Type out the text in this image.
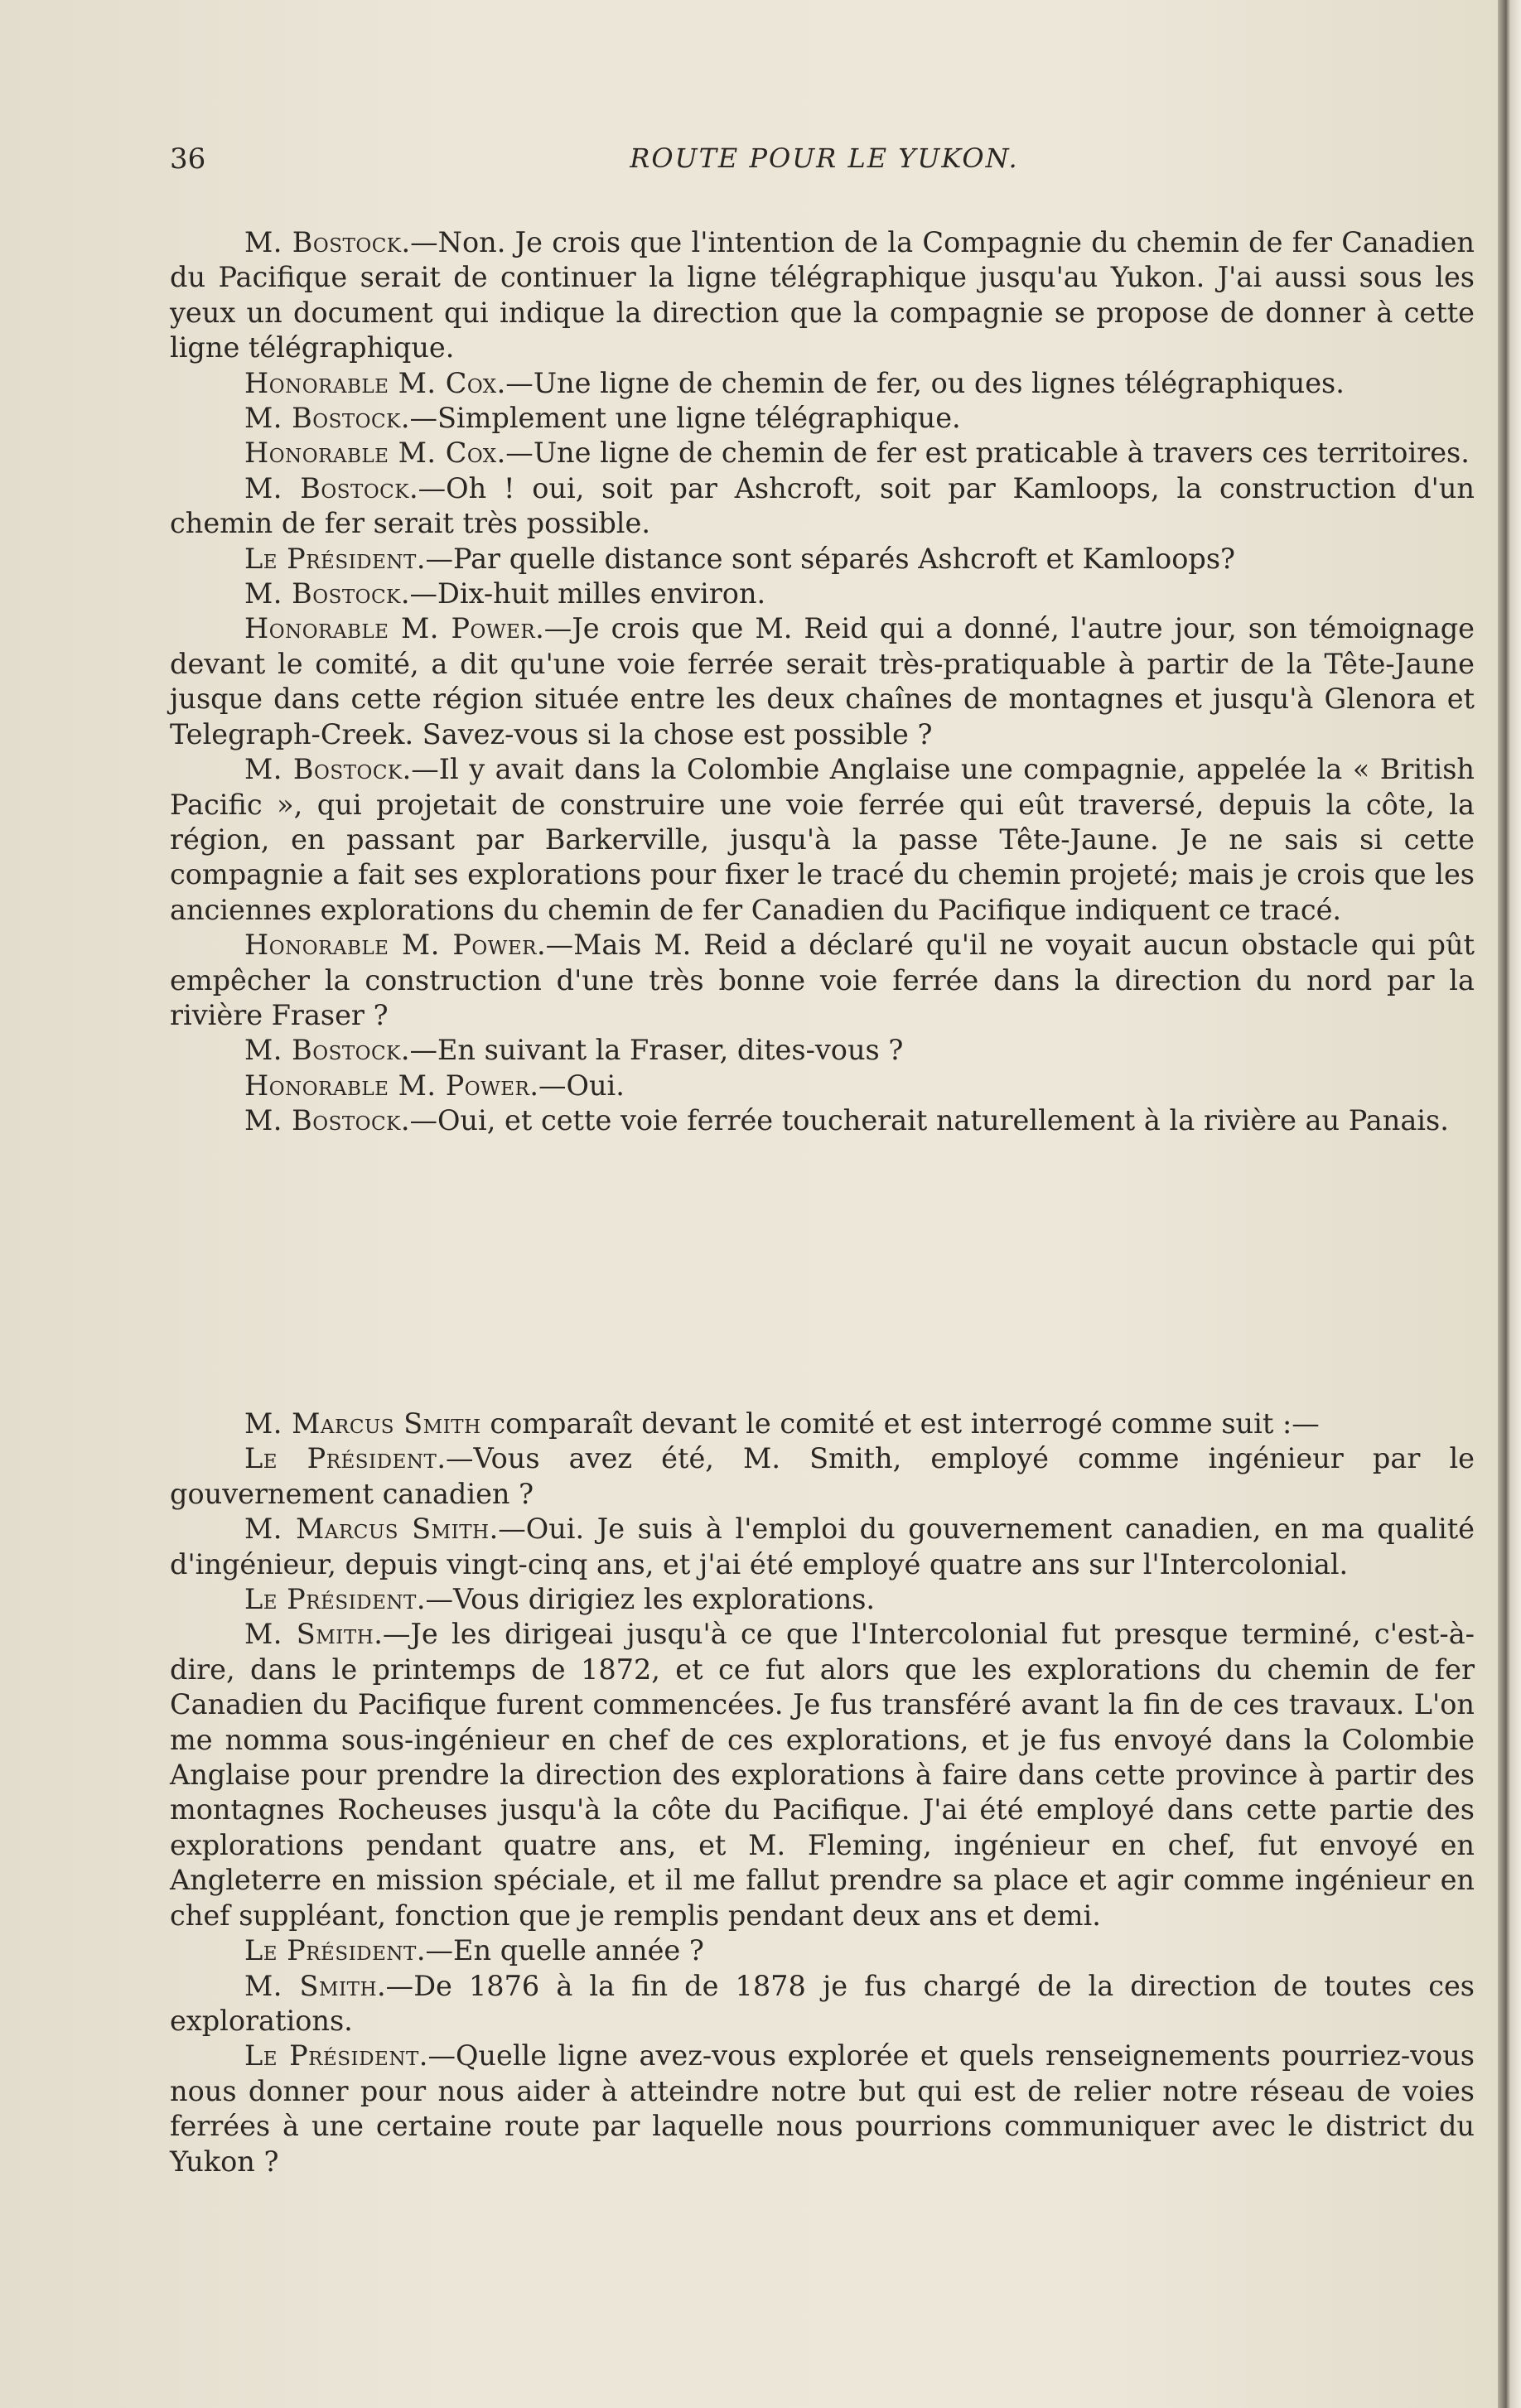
36	ROUTE POUR LE YUKON.

M. Bostock.—Non. Je crois que l'intention de la Compagnie du chemin de fer Canadien du Pacifique serait de continuer la ligne télégraphique jusqu'au Yukon. J'ai aussi sous les yeux un document qui indique la direction que la compagnie se propose de donner à cette ligne télégraphique.

Honorable M. Cox.—Une ligne de chemin de fer, ou des lignes télégraphiques.

M. Bostock.—Simplement une ligne télégraphique.

Honorable M. Cox.—Une ligne de chemin de fer est praticable à travers ces territoires.

M. Bostock.—Oh ! oui, soit par Ashcroft, soit par Kamloops, la construction d'un chemin de fer serait très possible.

Le Président.—Par quelle distance sont séparés Ashcroft et Kamloops?

M. Bostock.—Dix-huit milles environ.

Honorable M. Power.—Je crois que M. Reid qui a donné, l'autre jour, son témoignage devant le comité, a dit qu'une voie ferrée serait très-pratiquable à partir de la Tête-Jaune jusque dans cette région située entre les deux chaînes de montagnes et jusqu'à Glenora et Telegraph-Creek. Savez-vous si la chose est possible ?

M. Bostock.—Il y avait dans la Colombie Anglaise une compagnie, appelée la « British Pacific », qui projetait de construire une voie ferrée qui eût traversé, depuis la côte, la région, en passant par Barkerville, jusqu'à la passe Tête-Jaune. Je ne sais si cette compagnie a fait ses explorations pour fixer le tracé du chemin projeté; mais je crois que les anciennes explorations du chemin de fer Canadien du Pacifique indiquent ce tracé.

Honorable M. Power.—Mais M. Reid a déclaré qu'il ne voyait aucun obstacle qui pût empêcher la construction d'une très bonne voie ferrée dans la direction du nord par la rivière Fraser ?

M. Bostock.—En suivant la Fraser, dites-vous ?

Honorable M. Power.—Oui.

M. Bostock.—Oui, et cette voie ferrée toucherait naturellement à la rivière au Panais.

M. Marcus Smith comparaît devant le comité et est interrogé comme suit :—

Le Président.—Vous avez été, M. Smith, employé comme ingénieur par le gouvernement canadien ?

M. Marcus Smith.—Oui. Je suis à l'emploi du gouvernement canadien, en ma qualité d'ingénieur, depuis vingt-cinq ans, et j'ai été employé quatre ans sur l'Intercolonial.

Le Président.—Vous dirigiez les explorations.

M. Smith.—Je les dirigeai jusqu'à ce que l'Intercolonial fut presque terminé, c'est-à-dire, dans le printemps de 1872, et ce fut alors que les explorations du chemin de fer Canadien du Pacifique furent commencées. Je fus transféré avant la fin de ces travaux. L'on me nomma sous-ingénieur en chef de ces explorations, et je fus envoyé dans la Colombie Anglaise pour prendre la direction des explorations à faire dans cette province à partir des montagnes Rocheuses jusqu'à la côte du Pacifique. J'ai été employé dans cette partie des explorations pendant quatre ans, et M. Fleming, ingénieur en chef, fut envoyé en Angleterre en mission spéciale, et il me fallut prendre sa place et agir comme ingénieur en chef suppléant, fonction que je remplis pendant deux ans et demi.

Le Président.—En quelle année ?

M. Smith.—De 1876 à la fin de 1878 je fus chargé de la direction de toutes ces explorations.

Le Président.—Quelle ligne avez-vous explorée et quels renseignements pourriez-vous nous donner pour nous aider à atteindre notre but qui est de relier notre réseau de voies ferrées à une certaine route par laquelle nous pourrions communiquer avec le district du Yukon ?
